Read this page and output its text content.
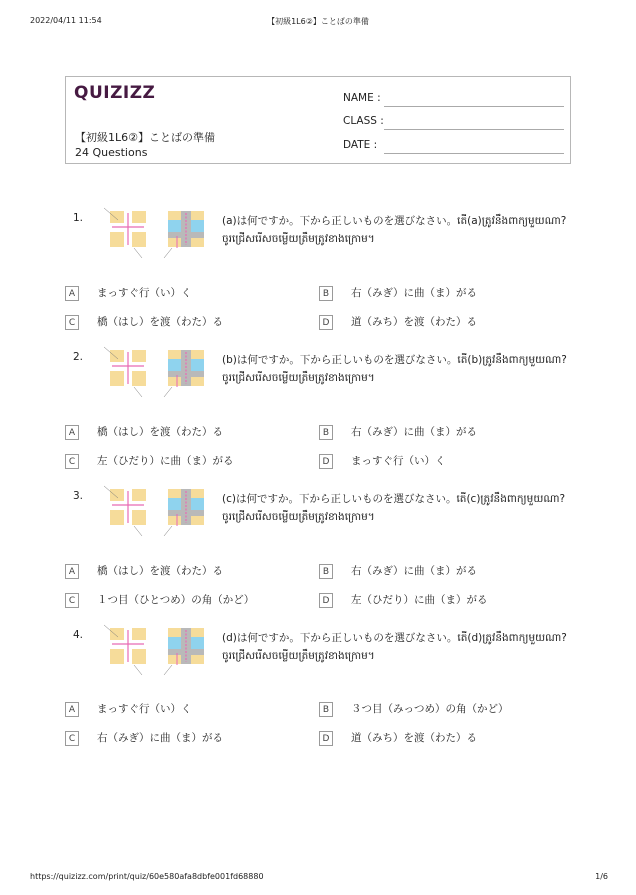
2022/04/11 11:54	【初級1L6②】ことばの準備
QUIZIZZ
【初級1L6②】ことばの準備
24 Questions
NAME :
CLASS :
DATE :
1.	(a)は何ですか。下から正しいものを選びなさい。តើ(a)ត្រូវនឹងពាក្យមួយណា? ចូរជ្រើសរើសចម្លើយត្រឹមត្រូវខាងក្រោម។
A	まっすぐ行（い）く	B	右（みぎ）に曲（ま）がる
C	橋（はし）を渡（わた）る	D	道（みち）を渡（わた）る
2.	(b)は何ですか。下から正しいものを選びなさい。តើ(b)ត្រូវនឹងពាក្យមួយណា? ចូរជ្រើសរើសចម្លើយត្រឹមត្រូវខាងក្រោម។
A	橋（はし）を渡（わた）る	B	右（みぎ）に曲（ま）がる
C	左（ひだり）に曲（ま）がる	D	まっすぐ行（い）く
3.	(c)は何ですか。下から正しいものを選びなさい。តើ(c)ត្រូវនឹងពាក្យមួយណា? ចូរជ្រើសរើសចម្លើយត្រឹមត្រូវខាងក្រោម។
A	橋（はし）を渡（わた）る	B	右（みぎ）に曲（ま）がる
C	１つ目（ひとつめ）の角（かど）	D	左（ひだり）に曲（ま）がる
4.	(d)は何ですか。下から正しいものを選びなさい。តើ(d)ត្រូវនឹងពាក្យមួយណា? ចូរជ្រើសរើសចម្លើយត្រឹមត្រូវខាងក្រោម។
A	まっすぐ行（い）く	B	３つ目（みっつめ）の角（かど）
C	右（みぎ）に曲（ま）がる	D	道（みち）を渡（わた）る
https://quizizz.com/print/quiz/60e580afa8dbfe001fd68880	1/6
